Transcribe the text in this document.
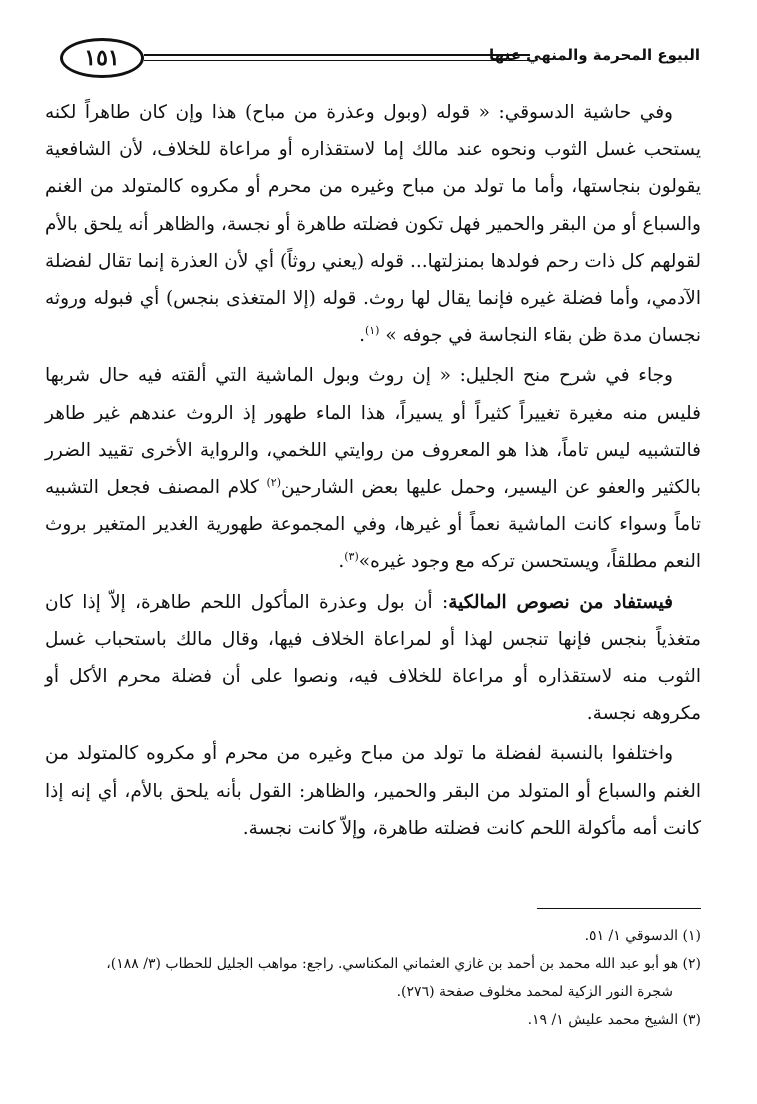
١٥١	البيوع المحرمة والمنهي عنها

وفي حاشية الدسوقي: « قوله (وبول وعذرة من مباح) هذا وإن كان طاهراً لكنه يستحب غسل الثوب ونحوه عند مالك إما لاستقذاره أو مراعاة للخلاف، لأن الشافعية يقولون بنجاستها، وأما ما تولد من مباح وغيره من محرم أو مكروه كالمتولد من الغنم والسباع أو من البقر والحمير فهل تكون فضلته طاهرة أو نجسة، والظاهر أنه يلحق بالأم لقولهم كل ذات رحم فولدها بمنزلتها... قوله (يعني روثاً) أي لأن العذرة إنما تقال لفضلة الآدمي، وأما فضلة غيره فإنما يقال لها روث. قوله (إلا المتغذى بنجس) أي فبوله وروثه نجسان مدة ظن بقاء النجاسة في جوفه » $^{(١)}$.

وجاء في شرح منح الجليل: « إن روث وبول الماشية التي ألقته فيه حال شربها فليس منه مغيرة تغييراً كثيراً أو يسيراً، هذا الماء طهور إذ الروث عندهم غير طاهر فالتشبيه ليس تاماً، هذا هو المعروف من روايتي اللخمي، والرواية الأخرى تقييد الضرر بالكثير والعفو عن اليسير، وحمل عليها بعض الشارحين$^{(٢)}$ كلام المصنف فجعل التشبيه تاماً وسواء كانت الماشية نعماً أو غيرها، وفي المجموعة طهورية الغدير المتغير بروث النعم مطلقاً، ويستحسن تركه مع وجود غيره»$^{(٣)}$.

فيستفاد من نصوص المالكية: أن بول وعذرة المأكول اللحم طاهرة، إلاّ إذا كان متغذياً بنجس فإنها تنجس لهذا أو لمراعاة الخلاف فيها، وقال مالك باستحباب غسل الثوب منه لاستقذاره أو مراعاة للخلاف فيه، ونصوا على أن فضلة محرم الأكل أو مكروهه نجسة.

واختلفوا بالنسبة لفضلة ما تولد من مباح وغيره من محرم أو مكروه كالمتولد من الغنم والسباع أو المتولد من البقر والحمير، والظاهر: القول بأنه يلحق بالأم، أي إنه إذا كانت أمه مأكولة اللحم كانت فضلته طاهرة، وإلاّ كانت نجسة.

(١) الدسوقي ١/ ٥١.

(٢) هو أبو عبد الله محمد بن أحمد بن غازي العثماني المكناسي. راجع: مواهب الجليل للحطاب (٣/ ١٨٨)،

شجرة النور الزكية لمحمد مخلوف صفحة (٢٧٦).

(٣) الشيخ محمد عليش ١/ ١٩.
